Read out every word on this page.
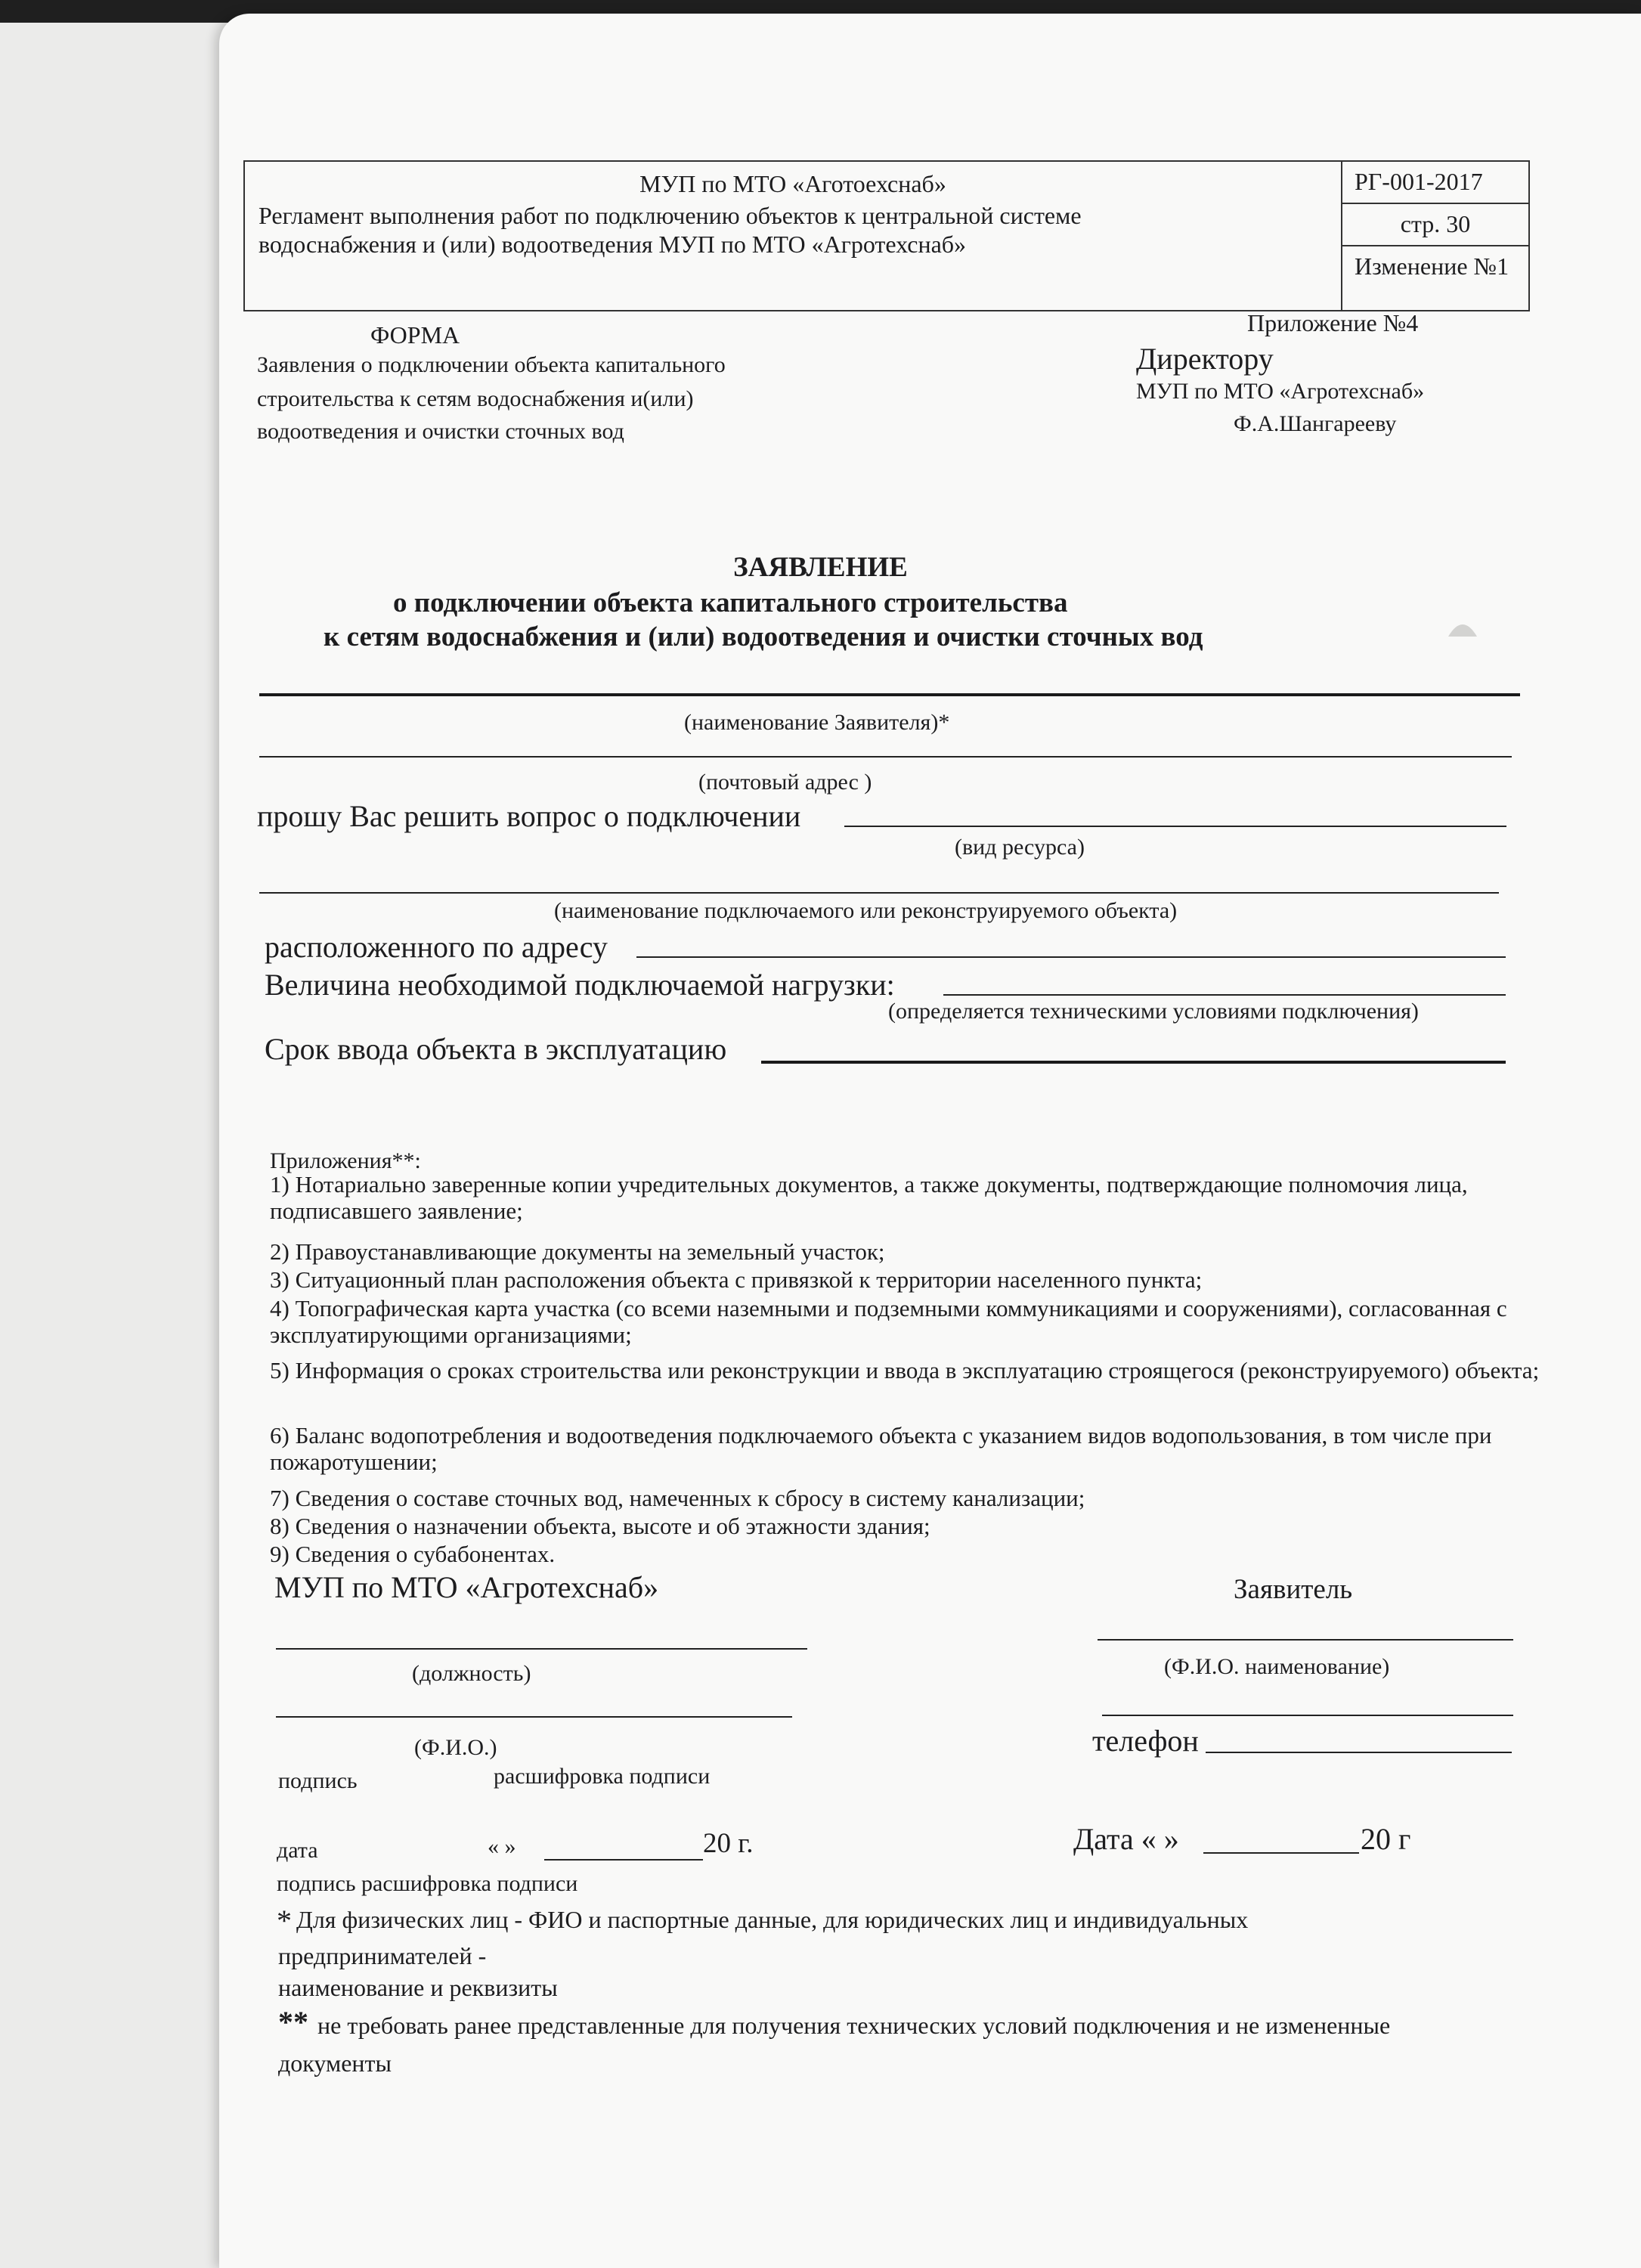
МУП по МТО «Аготоехснаб»
Регламент выполнения работ по подключению объектов к центральной системе
водоснабжения и (или) водоотведения МУП по МТО «Агротехснаб»
РГ-001-2017
стр. 30
Изменение №1
ФОРМА
Заявления о подключении объекта капитального
строительства к сетям водоснабжения и(или)
водоотведения и очистки сточных вод
Приложение №4
Директору
МУП по МТО «Агротехснаб»
Ф.А.Шангарееву
ЗАЯВЛЕНИЕ
о подключении объекта капитального строительства
к сетям водоснабжения и (или) водоотведения и очистки сточных вод
(наименование Заявителя)*
(почтовый адрес )
прошу Вас решить вопрос о подключении
(вид ресурса)
(наименование подключаемого или реконструируемого объекта)
расположенного по адресу
Величина необходимой подключаемой нагрузки:
(определяется техническими условиями подключения)
Срок ввода объекта в эксплуатацию
Приложения**:
1) Нотариально заверенные копии учредительных документов, а также документы, подтверждающие полномочия лица, подписавшего заявление;
2) Правоустанавливающие документы на земельный участок;
3) Ситуационный план расположения объекта с привязкой к территории населенного пункта;
4) Топографическая карта участка (со всеми наземными и подземными коммуникациями и сооружениями), согласованная с эксплуатирующими организациями;
5) Информация о сроках строительства или реконструкции и ввода в эксплуатацию строящегося (реконструируемого) объекта;
6) Баланс водопотребления и водоотведения подключаемого объекта с указанием видов водопользования, в том числе при пожаротушении;
7) Сведения о составе сточных вод, намеченных к сбросу в систему канализации;
8) Сведения о назначении объекта, высоте и об этажности здания;
9) Сведения о субабонентах.
МУП по МТО «Агротехснаб»
(должность)
(Ф.И.О.)
подпись	расшифровка подписи
дата	« »	20 г.
подпись расшифровка подписи
Заявитель
(Ф.И.О. наименование)
телефон
Дата « »	20 г
* Для физических лиц - ФИО и паспортные данные, для юридических лиц и индивидуальных
предпринимателей -
наименование и реквизиты
** не требовать ранее представленные для получения технических условий подключения и не измененные
документы
